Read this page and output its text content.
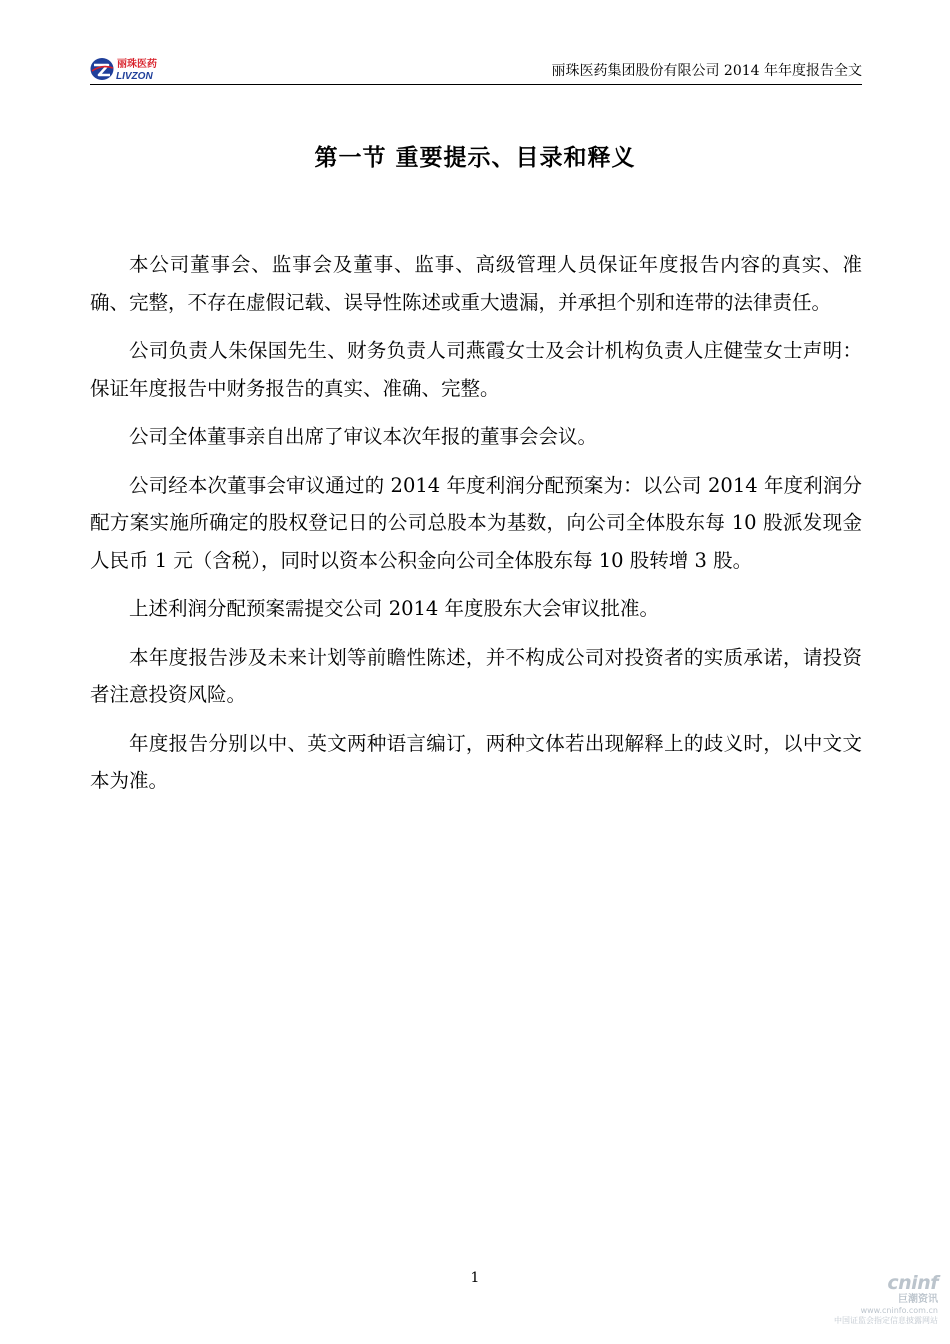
丽珠医药
LIVZON	丽珠医药集团股份有限公司 2014 年年度报告全文
第一节 重要提示、目录和释义

本公司董事会、监事会及董事、监事、高级管理人员保证年度报告内容的真实、准确、完整，不存在虚假记载、误导性陈述或重大遗漏，并承担个别和连带的法律责任。

公司负责人朱保国先生、财务负责人司燕霞女士及会计机构负责人庄健莹女士声明：保证年度报告中财务报告的真实、准确、完整。

公司全体董事亲自出席了审议本次年报的董事会会议。

公司经本次董事会审议通过的 2014 年度利润分配预案为：以公司 2014 年度利润分配方案实施所确定的股权登记日的公司总股本为基数，向公司全体股东每 10 股派发现金人民币 1 元（含税），同时以资本公积金向公司全体股东每 10 股转增 3 股。

上述利润分配预案需提交公司 2014 年度股东大会审议批准。

本年度报告涉及未来计划等前瞻性陈述，并不构成公司对投资者的实质承诺，请投资者注意投资风险。

年度报告分别以中、英文两种语言编订，两种文体若出现解释上的歧义时，以中文文本为准。

1	cninf
巨潮资讯
www.cninfo.com.cn
中国证监会指定信息披露网站
